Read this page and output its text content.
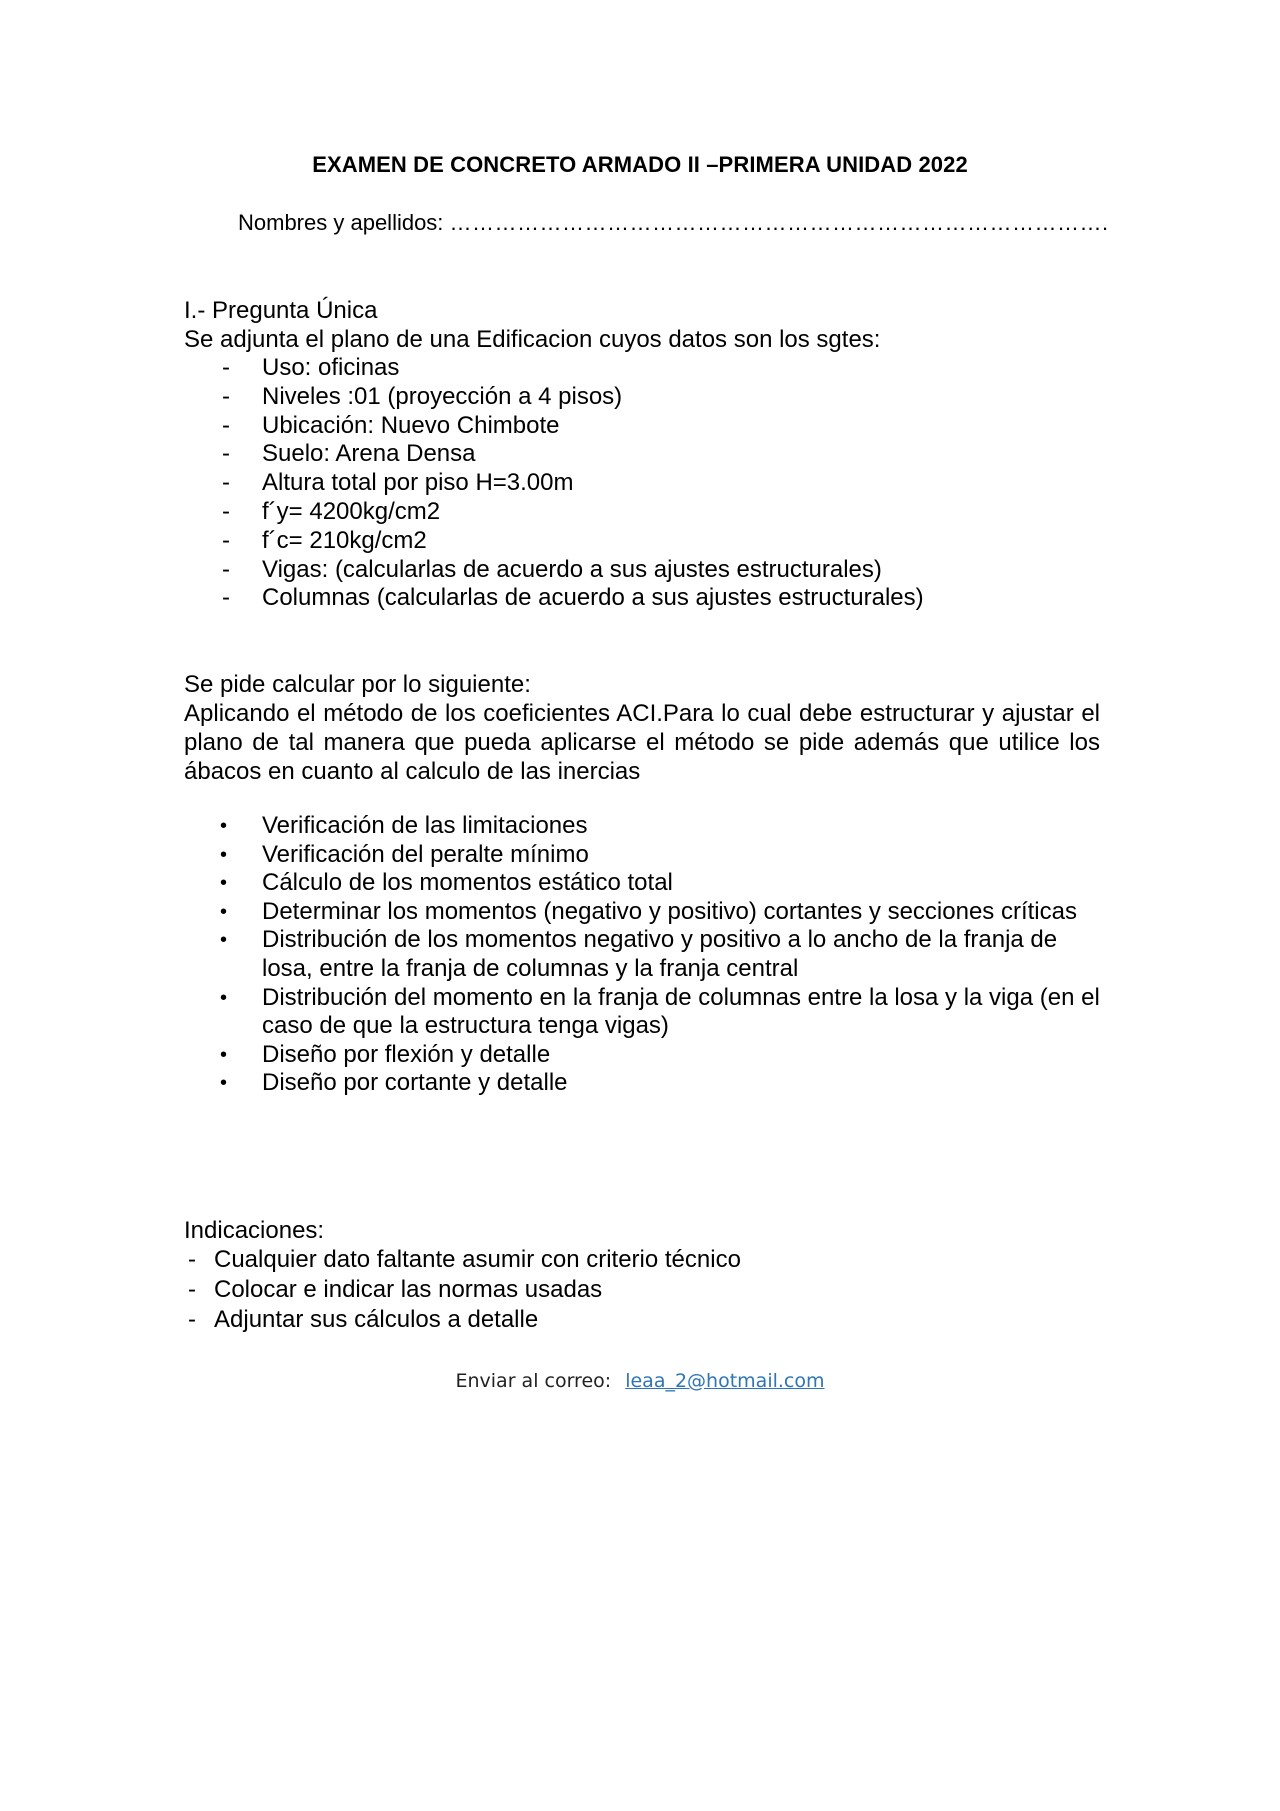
EXAMEN DE CONCRETO ARMADO II –PRIMERA UNIDAD 2022
Nombres y apellidos: …………………………………………………………………………….
I.- Pregunta Única
Se adjunta el plano de una Edificacion cuyos datos son los sgtes:
- Uso: oficinas
- Niveles :01 (proyección a 4 pisos)
- Ubicación: Nuevo Chimbote
- Suelo: Arena Densa
- Altura total por piso H=3.00m
- f´y= 4200kg/cm2
- f´c= 210kg/cm2
- Vigas: (calcularlas de acuerdo a sus ajustes estructurales)
- Columnas (calcularlas de acuerdo a sus ajustes estructurales)
Se pide calcular por lo siguiente:
Aplicando el método de los coeficientes ACI.Para lo cual debe estructurar y ajustar el plano de tal manera que pueda aplicarse el método se pide además que utilice los ábacos en cuanto al calculo de las inercias
• Verificación de las limitaciones
• Verificación del peralte mínimo
• Cálculo de los momentos estático total
• Determinar los momentos (negativo y positivo) cortantes y secciones críticas
• Distribución de los momentos negativo y positivo a lo ancho de la franja de losa, entre la franja de columnas y la franja central
• Distribución del momento en la franja de columnas entre la losa y la viga (en el caso de que la estructura tenga vigas)
• Diseño por flexión y detalle
• Diseño por cortante y detalle
Indicaciones:
- Cualquier dato faltante asumir con criterio técnico
- Colocar e indicar las normas usadas
- Adjuntar sus cálculos a detalle
Enviar al correo: leaa_2@hotmail.com
